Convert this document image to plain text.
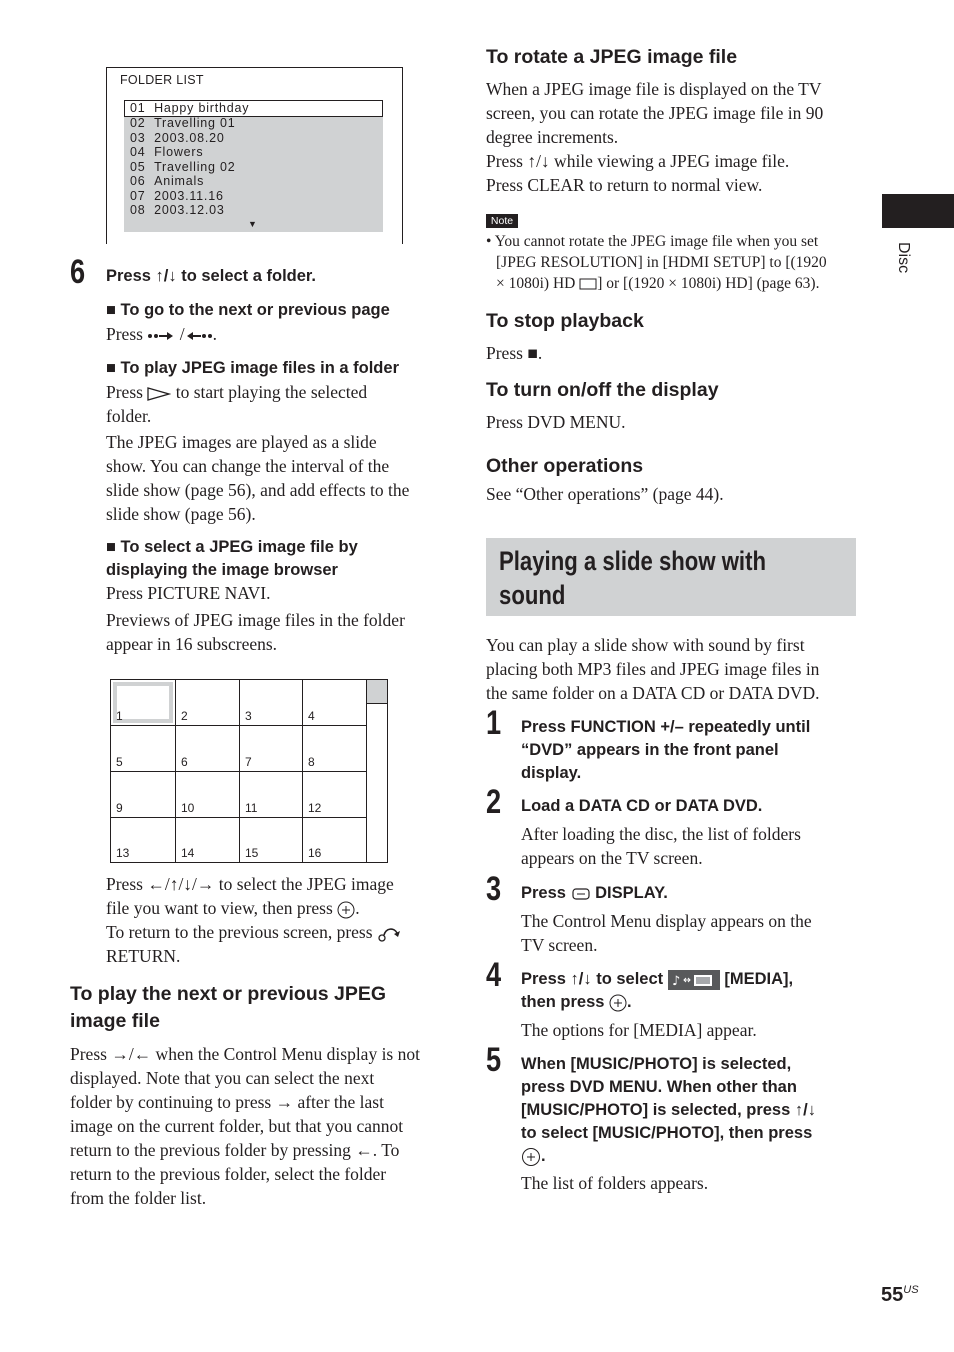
FOLDER LIST
01 Happy birthday
02 Travelling 01
03 2003.08.20
04 Flowers
05 Travelling 02
06 Animals
07 2003.11.16
08 2003.12.03
▼
6 Press ↑/↓ to select a folder.
■ To go to the next or previous page
Press  / .
■ To play JPEG image files in a folder
Press  to start playing the selected
folder.
The JPEG images are played as a slide
show. You can change the interval of the
slide show (page 56), and add effects to the
slide show (page 56).
■ To select a JPEG image file by
displaying the image browser
Press PICTURE NAVI.
Previews of JPEG image files in the folder
appear in 16 subscreens.
1	2	3	4
5	6	7	8
9	10	11	12
13	14	15	16
Press ←/↑/↓/→ to select the JPEG image
file you want to view, then press .
To return to the previous screen, press
RETURN.
To play the next or previous JPEG
image file
Press →/← when the Control Menu display is not
displayed. Note that you can select the next
folder by continuing to press → after the last
image on the current folder, but that you cannot
return to the previous folder by pressing ←. To
return to the previous folder, select the folder
from the folder list.
To rotate a JPEG image file
When a JPEG image file is displayed on the TV
screen, you can rotate the JPEG image file in 90
degree increments.
Press ↑/↓ while viewing a JPEG image file.
Press CLEAR to return to normal view.
Note
• You cannot rotate the JPEG image file when you set
[JPEG RESOLUTION] in [HDMI SETUP] to [(1920
× 1080i) HD ] or [(1920 × 1080i) HD] (page 63).
To stop playback
Press ■.
To turn on/off the display
Press DVD MENU.
Other operations
See “Other operations” (page 44).
Playing a slide show with
sound
You can play a slide show with sound by first
placing both MP3 files and JPEG image files in
the same folder on a DATA CD or DATA DVD.
1 Press FUNCTION +/– repeatedly until
“DVD” appears in the front panel
display.
2 Load a DATA CD or DATA DVD.
After loading the disc, the list of folders
appears on the TV screen.
3 Press  DISPLAY.
The Control Menu display appears on the
TV screen.
4 Press ↑/↓ to select ♪ [MEDIA],
then press .
The options for [MEDIA] appear.
5 When [MUSIC/PHOTO] is selected,
press DVD MENU. When other than
[MUSIC/PHOTO] is selected, press ↑/↓
to select [MUSIC/PHOTO], then press
.
The list of folders appears.
Disc
$55^{US}$
